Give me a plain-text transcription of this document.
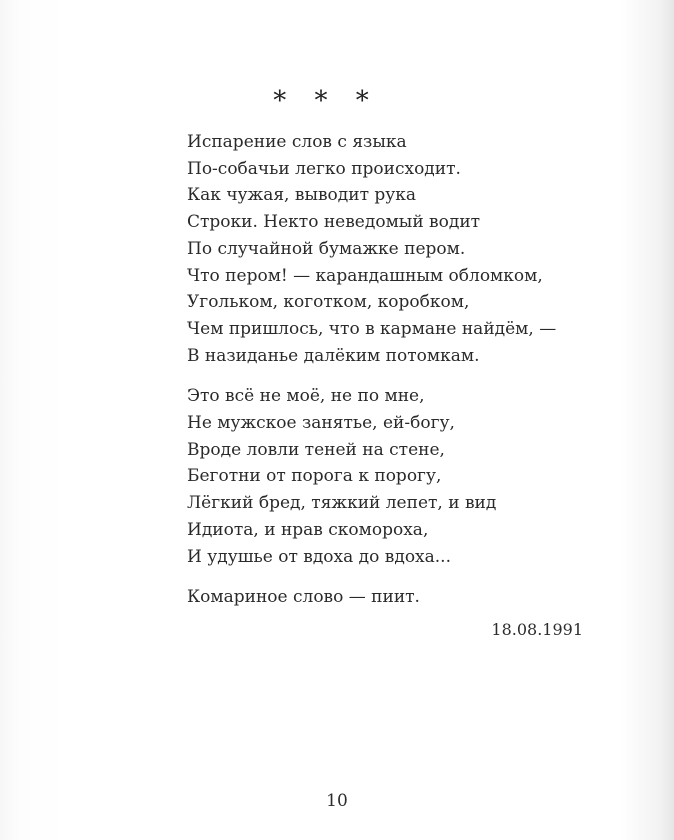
* * *
Испарение слов с языка
По-собачьи легко происходит.
Как чужая, выводит рука
Строки. Некто неведомый водит
По случайной бумажке пером.
Что пером! — карандашным обломком,
Угольком, коготком, коробком,
Чем пришлось, что в кармане найдём, —
В назиданье далёким потомкам.
Это всё не моё, не по мне,
Не мужское занятье, ей-богу,
Вроде ловли теней на стене,
Беготни от порога к порогу,
Лёгкий бред, тяжкий лепет, и вид
Идиота, и нрав скомороха,
И удушье от вдоха до вдоха...
Комариное слово — пиит.
18.08.1991
10
